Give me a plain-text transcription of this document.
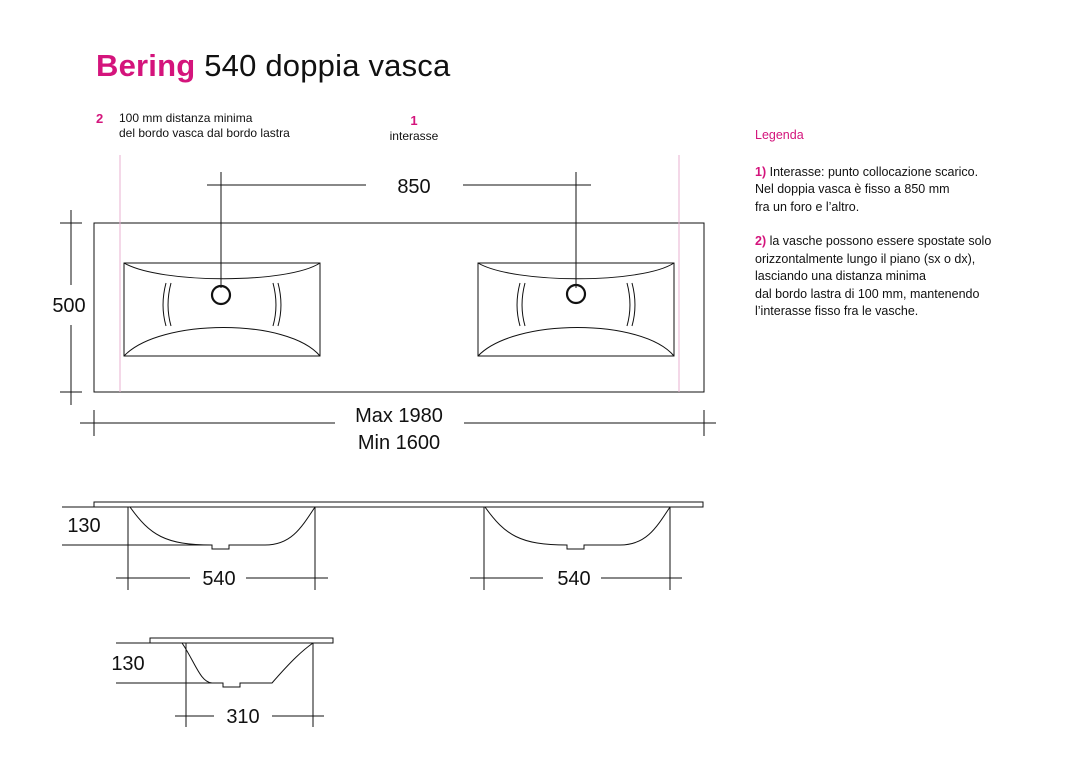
Bering 540 doppia vasca
2 100 mm distanza minima
del bordo vasca dal bordo lastra
1
interasse	Legenda
1) Interasse: punto collocazione scarico.
Nel doppia vasca è fisso a 850 mm
fra un foro e l’altro.
2) la vasche possono essere spostate solo
orizzontalmente lungo il piano (sx o dx),
lasciando una distanza minima
dal bordo lastra di 100 mm, mantenendo
l’interasse fisso fra le vasche.
850
500
Max 1980
Min 1600
130
540	540
130
310
